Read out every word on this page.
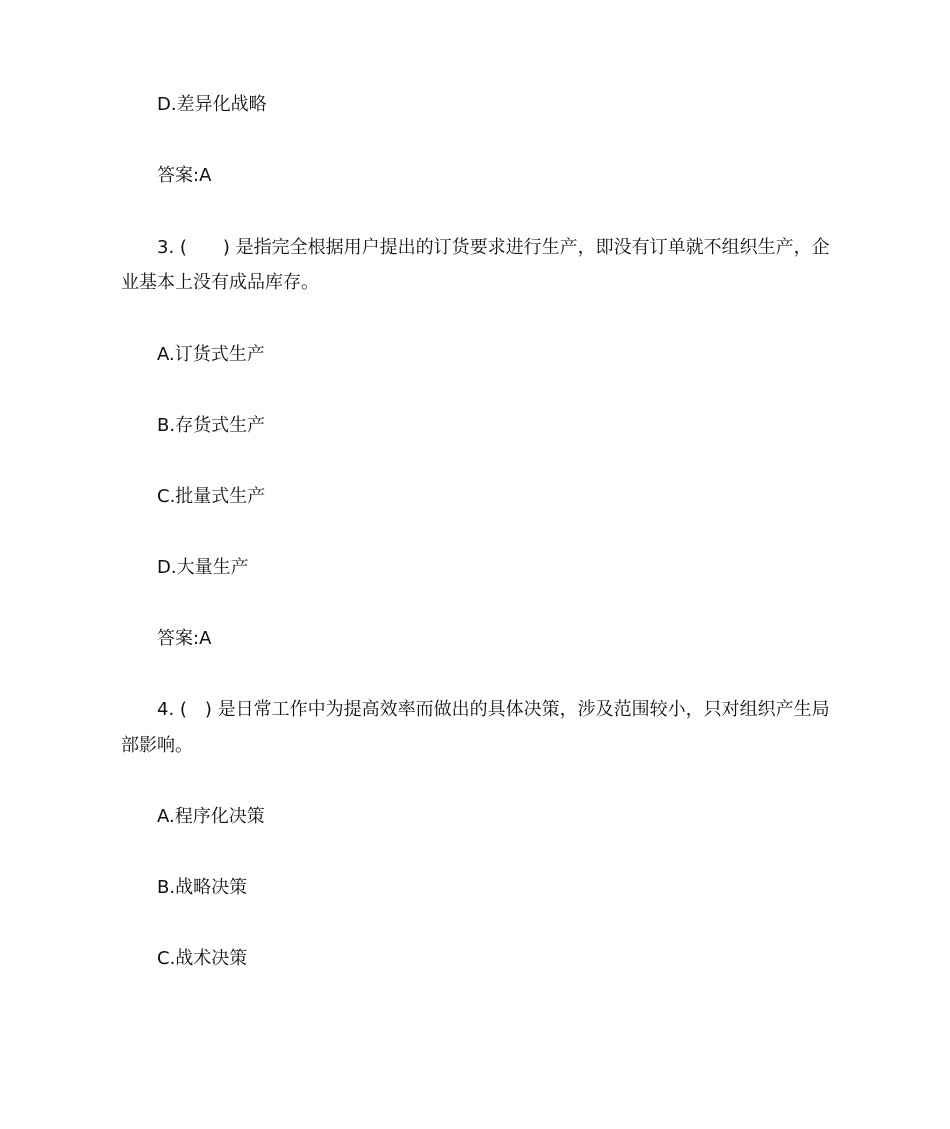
D.差异化战略
答案:A
3. (　　) 是指完全根据用户提出的订货要求进行生产，即没有订单就不组织生产，企
业基本上没有成品库存。
A.订货式生产
B.存货式生产
C.批量式生产
D.大量生产
答案:A
4. (　) 是日常工作中为提高效率而做出的具体决策，涉及范围较小，只对组织产生局
部影响。
A.程序化决策
B.战略决策
C.战术决策
